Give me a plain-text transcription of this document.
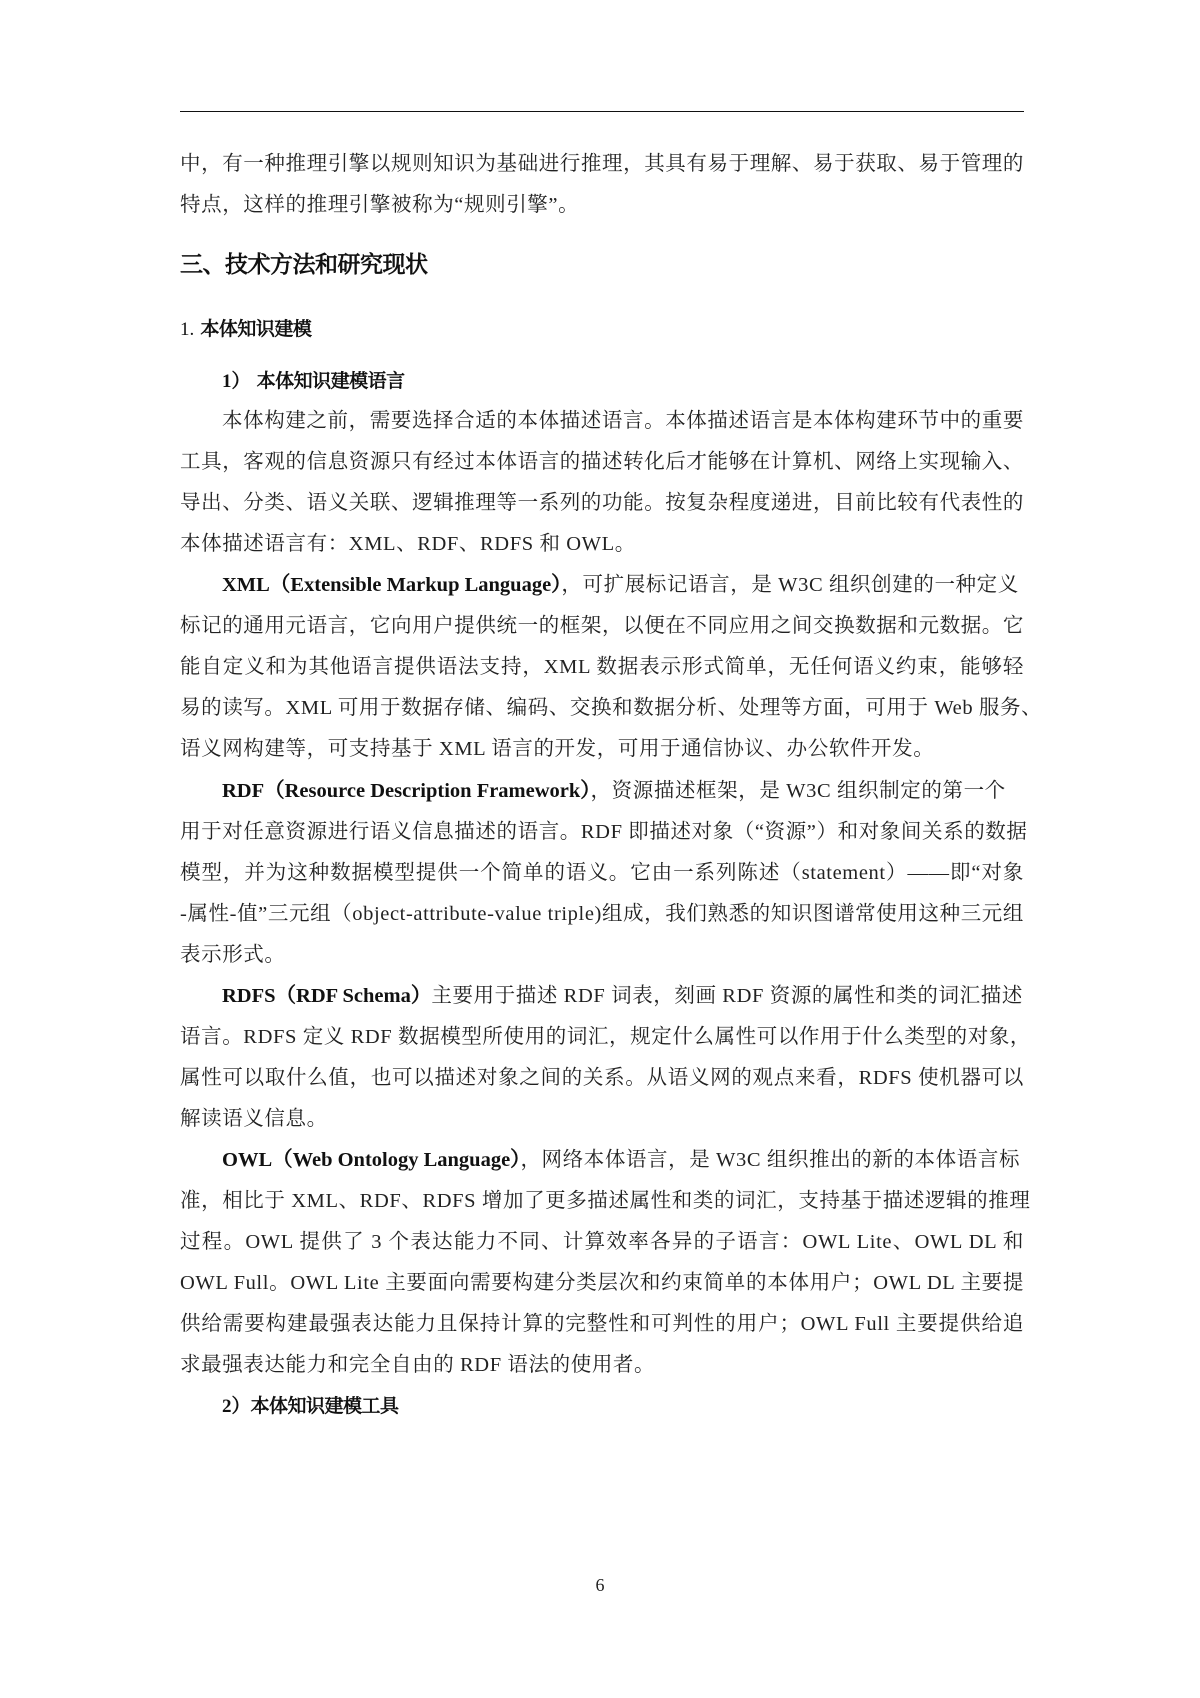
中，有一种推理引擎以规则知识为基础进行推理，其具有易于理解、易于获取、易于管理的
特点，这样的推理引擎被称为“规则引擎”。
三、技术方法和研究现状
1. 本体知识建模
1） 本体知识建模语言
本体构建之前，需要选择合适的本体描述语言。本体描述语言是本体构建环节中的重要
工具，客观的信息资源只有经过本体语言的描述转化后才能够在计算机、网络上实现输入、
导出、分类、语义关联、逻辑推理等一系列的功能。按复杂程度递进，目前比较有代表性的
本体描述语言有：XML、RDF、RDFS 和 OWL。
XML（Extensible Markup Language），可扩展标记语言，是 W3C 组织创建的一种定义
标记的通用元语言，它向用户提供统一的框架，以便在不同应用之间交换数据和元数据。它
能自定义和为其他语言提供语法支持，XML 数据表示形式简单，无任何语义约束，能够轻
易的读写。XML 可用于数据存储、编码、交换和数据分析、处理等方面，可用于 Web 服务、
语义网构建等，可支持基于 XML 语言的开发，可用于通信协议、办公软件开发。
RDF（Resource Description Framework），资源描述框架，是 W3C 组织制定的第一个
用于对任意资源进行语义信息描述的语言。RDF 即描述对象（“资源”）和对象间关系的数据
模型，并为这种数据模型提供一个简单的语义。它由一系列陈述（statement）——即“对象
-属性-值”三元组（object-attribute-value triple)组成，我们熟悉的知识图谱常使用这种三元组
表示形式。
RDFS（RDF Schema）主要用于描述 RDF 词表，刻画 RDF 资源的属性和类的词汇描述
语言。RDFS 定义 RDF 数据模型所使用的词汇，规定什么属性可以作用于什么类型的对象，
属性可以取什么值，也可以描述对象之间的关系。从语义网的观点来看，RDFS 使机器可以
解读语义信息。
OWL（Web Ontology Language），网络本体语言，是 W3C 组织推出的新的本体语言标
准，相比于 XML、RDF、RDFS 增加了更多描述属性和类的词汇，支持基于描述逻辑的推理
过程。OWL 提供了 3 个表达能力不同、计算效率各异的子语言：OWL Lite、OWL DL 和
OWL Full。OWL Lite 主要面向需要构建分类层次和约束简单的本体用户；OWL DL 主要提
供给需要构建最强表达能力且保持计算的完整性和可判性的用户；OWL Full 主要提供给追
求最强表达能力和完全自由的 RDF 语法的使用者。
2）本体知识建模工具
6
